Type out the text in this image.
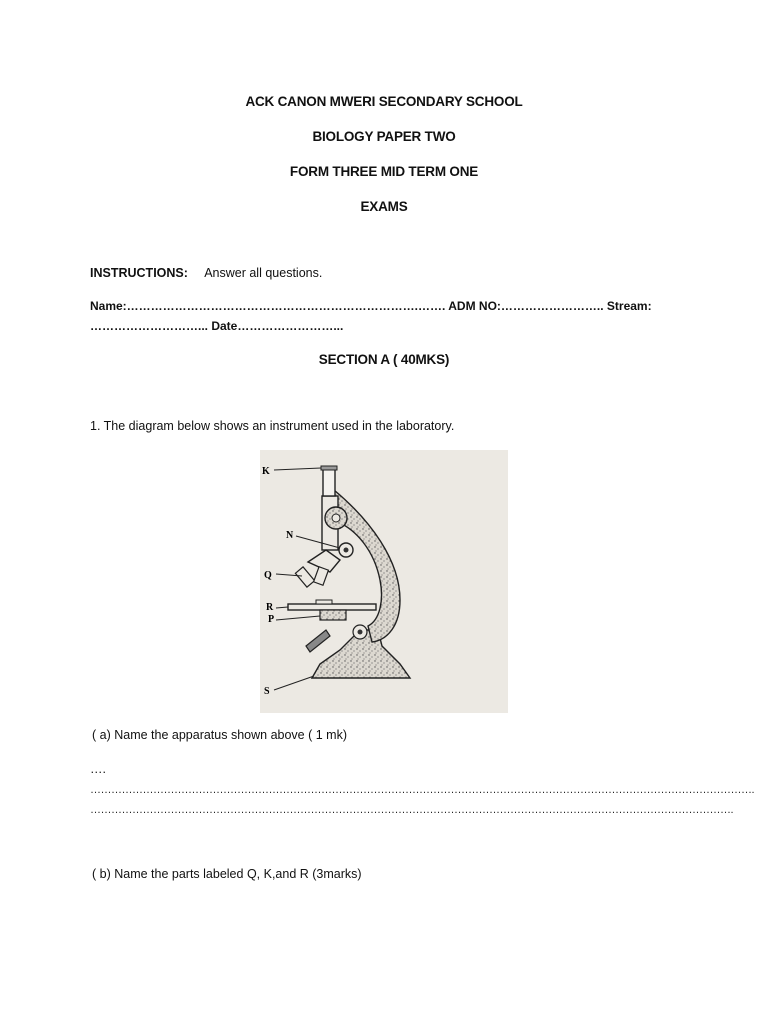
ACK CANON MWERI SECONDARY SCHOOL
BIOLOGY PAPER TWO
FORM THREE MID TERM ONE
EXAMS
INSTRUCTIONS: Answer all questions.
Name:……………………………………………………………….……. ADM NO:…………………….. Stream:
………………………... Date……………………...
SECTION A ( 40MKS)
1. The diagram below shows an instrument used in the laboratory.
K
N
Q
R
P
S
( a) Name the apparatus shown above ( 1 mk)
….
……………………………………………………………………………………………………………………………………………………………………….
………………………………………………………………………………………………………………………………………………………………….
( b) Name the parts labeled Q, K,and R (3marks)
